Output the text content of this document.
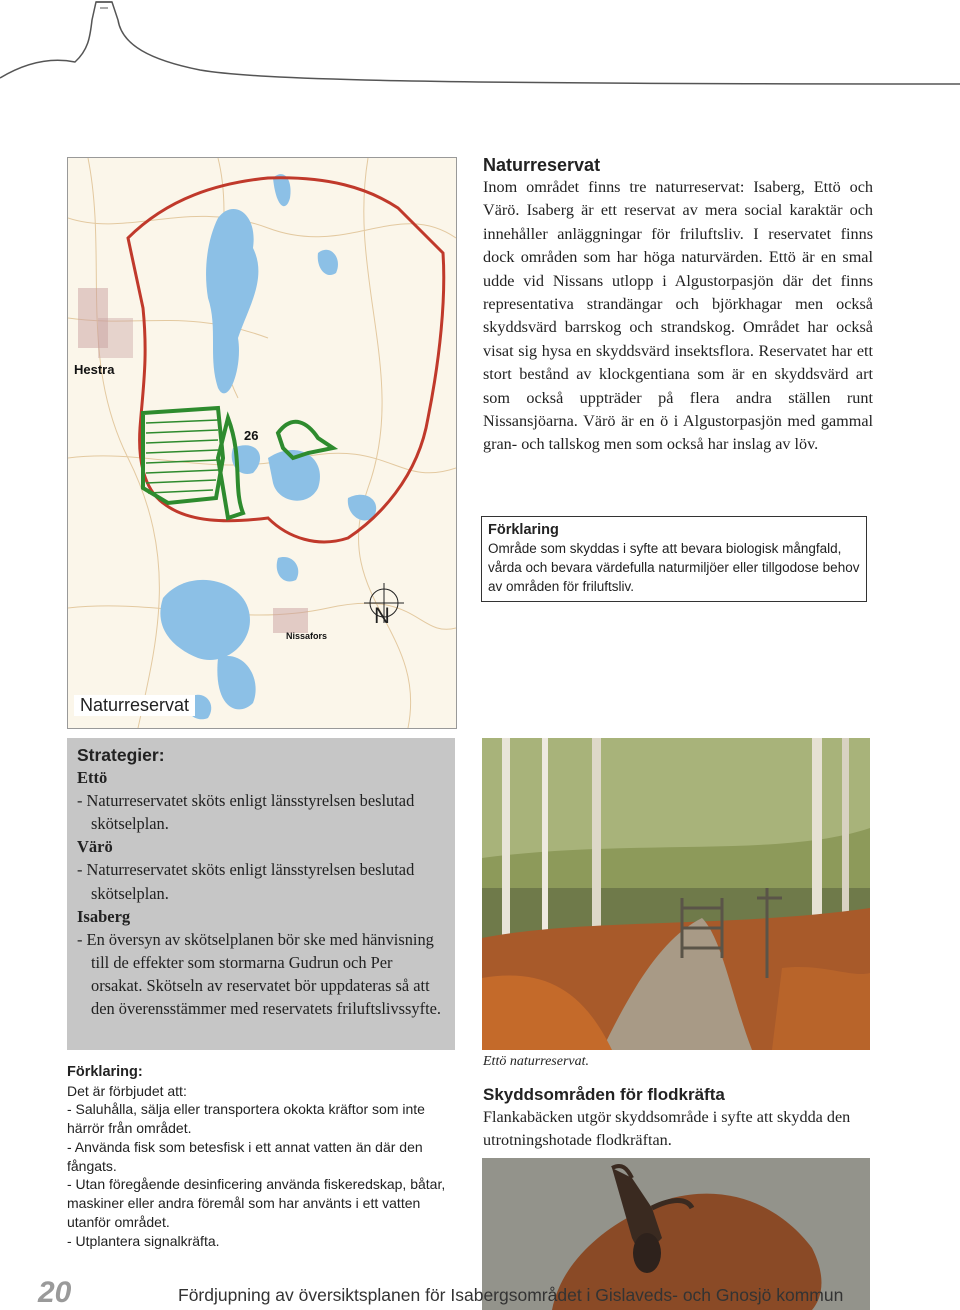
N
Hestra
26
Nissafors
Naturreservat
Naturreservat

Inom området finns tre naturreservat: Isaberg, Ettö och Värö. Isaberg är ett reservat av mera social karaktär och innehåller anläggningar för friluftsliv. I reservatet finns dock områden som har höga naturvärden. Ettö är en smal udde vid Nissans utlopp i Algustorpasjön där det finns representativa strandängar och björkhagar men också skyddsvärd barrskog och strandskog. Området har också visat sig hysa en skyddsvärd insektsflora. Reservatet har ett stort bestånd av klockgentiana som är en skyddsvärd art som också uppträder på flera andra ställen runt Nissansjöarna. Värö är en ö i Algustorpasjön med gammal gran- och tallskog men som också har inslag av löv.

Förklaring
Område som skyddas i syfte att bevara biologisk mångfald, vårda och bevara värdefulla naturmiljöer eller tillgodose behov av områden för friluftsliv.
Strategier:
Ettö
- Naturreservatet sköts enligt länsstyrelsen beslutad skötselplan.
Värö
- Naturreservatet sköts enligt länsstyrelsen beslutad skötselplan.
Isaberg
- En översyn av skötselplanen bör ske med hänvisning till de effekter som stormarna Gudrun och Per orsakat. Skötseln av reservatet bör uppdateras så att den överensstämmer med reservatets friluftslivssyfte.
Förklaring:
Det är förbjudet att:
- Saluhålla, sälja eller transportera okokta kräftor som inte härrör från området.
- Använda fisk som betesfisk i ett annat vatten än där den fångats.
- Utan föregående desinficering använda fiskeredskap, båtar, maskiner eller andra föremål som har använts i ett vatten utanför området.
- Utplantera signalkräfta.
Ettö naturreservat.
Skyddsområden för flodkräfta

Flankabäcken utgör skyddsområde i syfte att skydda den utrotningshotade flodkräftan.

20	Fördjupning av översiktsplanen för Isabergsområdet i Gislaveds- och Gnosjö kommun
